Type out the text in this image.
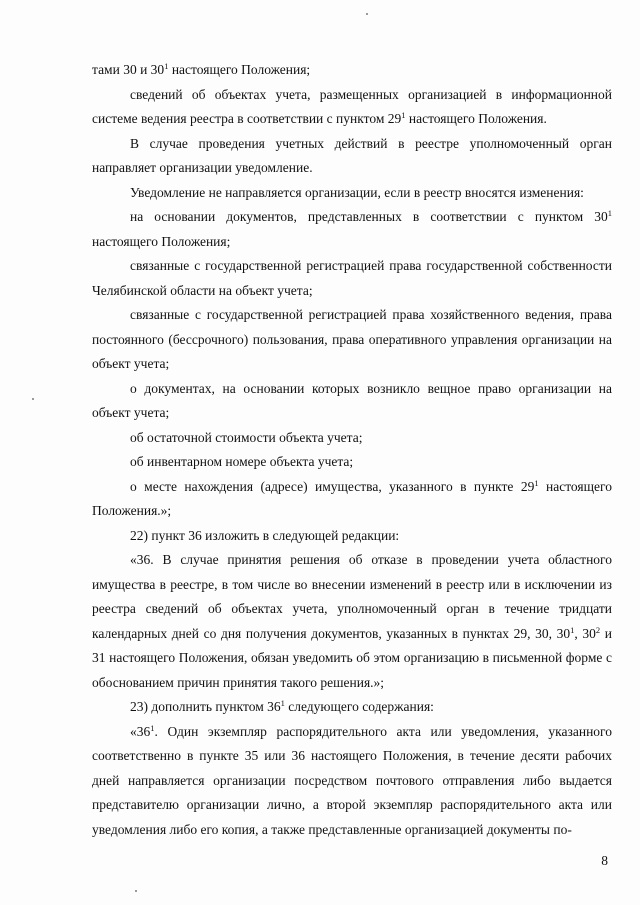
тами 30 и $30^1$ настоящего Положения;

сведений об объектах учета, размещенных организацией в информационной системе ведения реестра в соответствии с пунктом $29^1$ настоящего Положения.

В случае проведения учетных действий в реестре уполномоченный орган направляет организации уведомление.

Уведомление не направляется организации, если в реестр вносятся изменения:

на основании документов, представленных в соответствии с пунктом $30^1$ настоящего Положения;

связанные с государственной регистрацией права государственной собственности Челябинской области на объект учета;

связанные с государственной регистрацией права хозяйственного ведения, права постоянного (бессрочного) пользования, права оперативного управления организации на объект учета;

о документах, на основании которых возникло вещное право организации на объект учета;

об остаточной стоимости объекта учета;

об инвентарном номере объекта учета;

о месте нахождения (адресе) имущества, указанного в пункте $29^1$ настоящего Положения.»;

22) пункт 36 изложить в следующей редакции:

«36. В случае принятия решения об отказе в проведении учета областного имущества в реестре, в том числе во внесении изменений в реестр или в исключении из реестра сведений об объектах учета, уполномоченный орган в течение тридцати календарных дней со дня получения документов, указанных в пунктах 29, 30, $30^1$, $30^2$ и 31 настоящего Положения, обязан уведомить об этом организацию в письменной форме с обоснованием причин принятия такого решения.»;

23) дополнить пунктом $36^1$ следующего содержания:

«$36^1$. Один экземпляр распорядительного акта или уведомления, указанного соответственно в пункте 35 или 36 настоящего Положения, в течение десяти рабочих дней направляется организации посредством почтового отправления либо выдается представителю организации лично, а второй экземпляр распорядительного акта или уведомления либо его копия, а также представленные организацией документы по-

8
